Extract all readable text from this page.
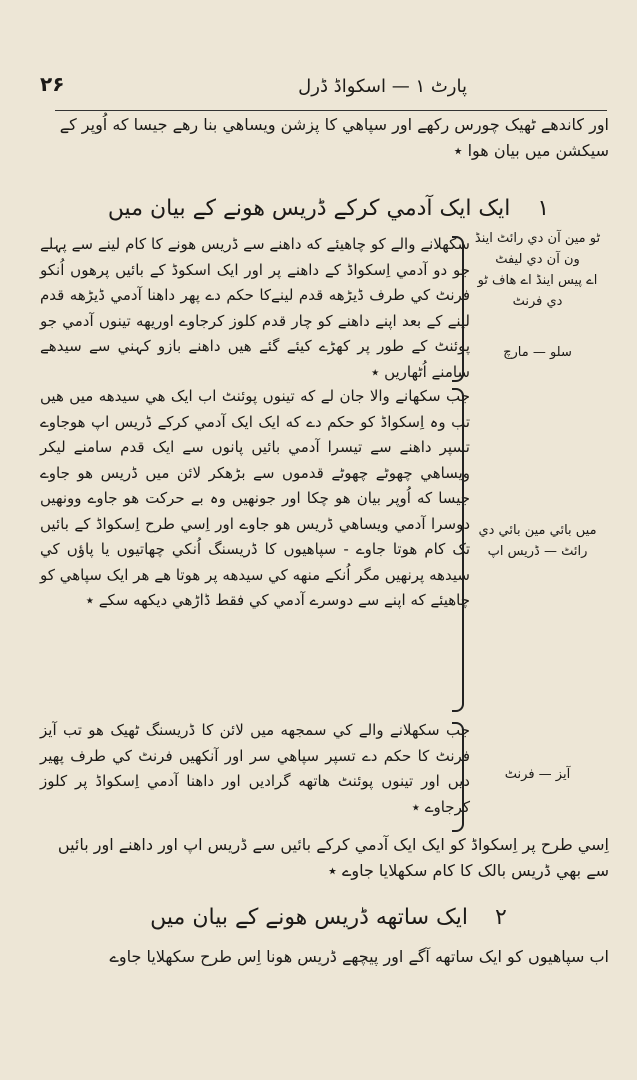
۲۶	پارٹ ۱ — اسکواڈ ڈرل

اور کاندھے ٹھیک چورس رکھے اور سپاھي کا پزشن ویساھي بنا رھے جیسا که اُوپر کے سیکشن میں بیان ھوا ٭

۱ ایک ایک آدمي کرکے ڈریس ھونے کے بیان میں

سکھلانے والے کو چاھیئے که داھنے سے ڈریس ھونے کا کام لینے سے پہلے جو دو آدمي اِسکواڈ کے داھنے پر اور ایک اسکوڈ کے بائیں پرھوں اُنکو فرنٹ کي طرف ڈیڑھه قدم لینےکا حکم دے پھر داھنا آدمي ڈیڑھه قدم لینے کے بعد اپنے داھنے کو چار قدم کلوز کرجاوے اوریهه تینوں آدمي جو پوئنٹ کے طور پر کھڑے کیئے گئے ھیں داھنے بازو کہني سے سیدھے سامنے اُٹھاریں ٭

ٹو مین آن دي رائٹ اینڈ ون آن دي لیفٹ
اے پیس اینڈ اے ھاف ٹو دي فرنٹ
سلو — مارچ

جب سکھانے والا جان لے که تینوں پوئنٹ اب ایک ھي سیدھه میں ھیں تب وہ اِسکواڈ کو حکم دے که ایک ایک آدمي کرکے ڈریس اپ ھوجاوے تسپر داھنے سے تیسرا آدمي بائیں پانوں سے ایک قدم سامنے لیکر ویساھي چھوٹے چھوٹے قدموں سے بڑھکر لائن میں ڈریس ھو جاوے جیسا که اُوپر بیان ھو چکا اور جونھیں وہ بے حرکت ھو جاوے وونھیں دوسرا آدمي ویساھي ڈریس ھو جاوے اور اِسي طرح اِسکواڈ کے بائیں تک کام ھوتا جاوے - سپاھیوں کا ڈریسنگ اُنکي چھاتیوں یا پاؤں کي سیدھه پرنھیں مگر اُنکے منھه کي سیدھه پر ھوتا ھے ھر ایک سپاھي کو چاھیئے که اپنے سے دوسرے آدمي کي فقط ڈاڑھي دیکھه سکے ٭

میں بائي مین بائي دي رائٹ — ڈریس اپ

جب سکھلانے والے کي سمجھه میں لائن کا ڈریسنگ ٹھیک ھو تب آیز فرنٹ کا حکم دے تسپر سپاھي سر اور آنکھیں فرنٹ کي طرف پھیر دیں اور تینوں پوئنٹ ھاتھه گرادیں اور داھنا آدمي اِسکواڈ پر کلوز کرجاوے ٭

آیز — فرنٹ

اِسي طرح پر اِسکواڈ کو ایک ایک آدمي کرکے بائیں سے ڈریس اپ اور داھنے اور بائیں سے بھي ڈریس بالک کا کام سکھلایا جاوے ٭

۲ ایک ساتھه ڈریس ھونے کے بیان میں

اب سپاھیوں کو ایک ساتھه آگے اور پیچھے ڈریس ھونا اِس طرح سکھلایا جاوے
